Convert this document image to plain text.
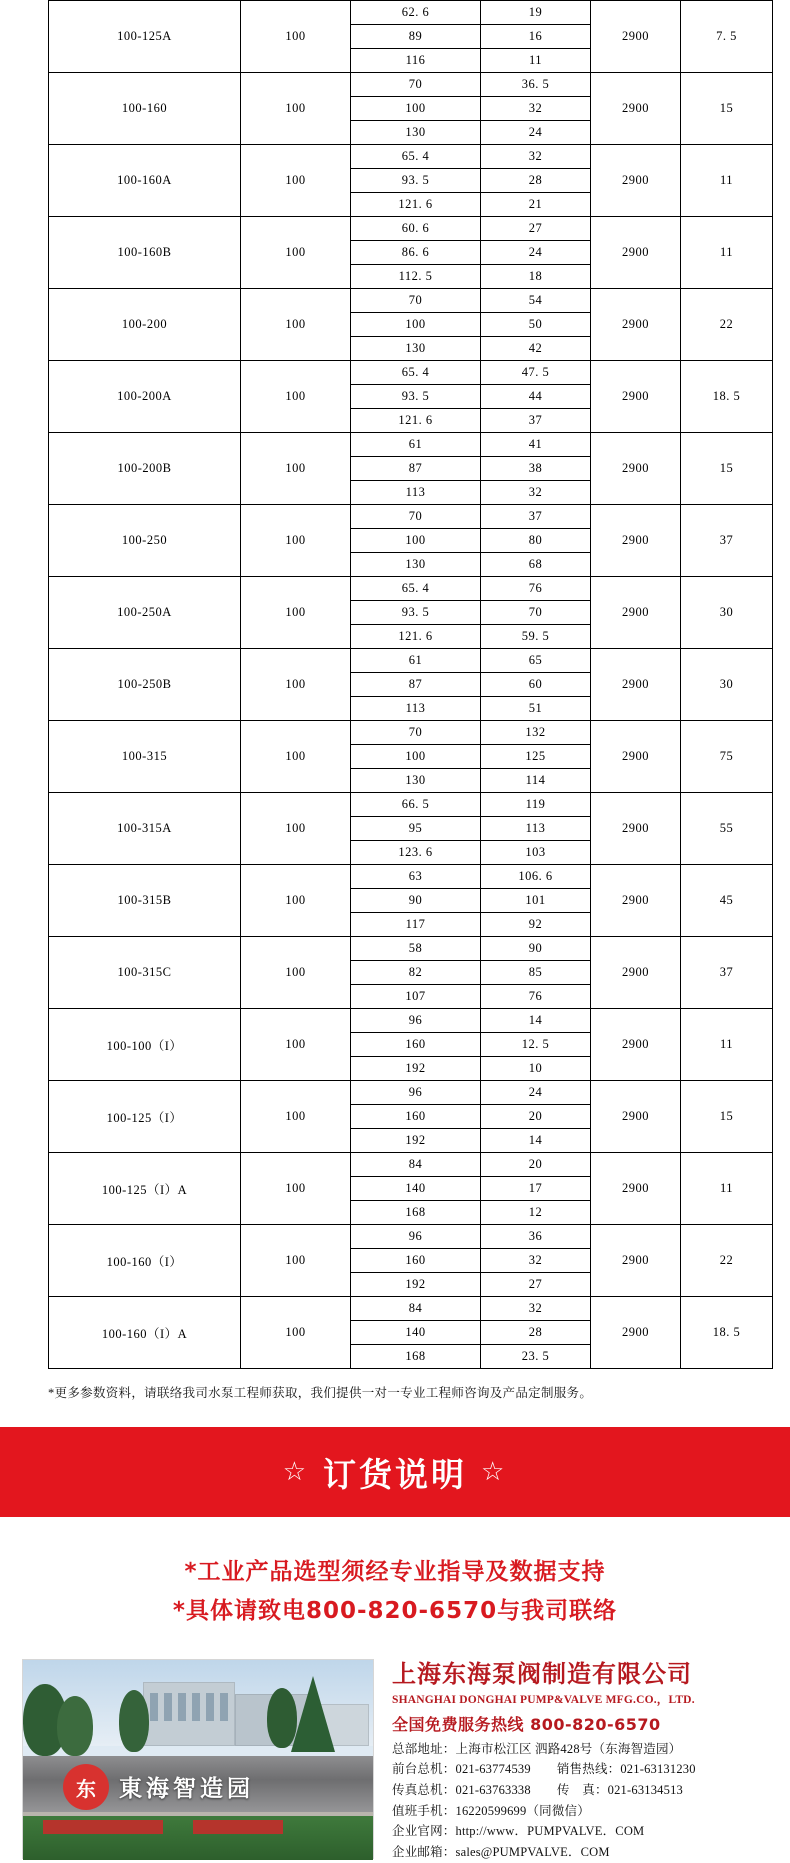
100-125A	100	62. 6	19	2900	7. 5
		89	16		
		116	11		
100-160	100	70	36. 5	2900	15
		100	32		
		130	24		
100-160A	100	65. 4	32	2900	11
		93. 5	28		
		121. 6	21		
100-160B	100	60. 6	27	2900	11
		86. 6	24		
		112. 5	18		
100-200	100	70	54	2900	22
		100	50		
		130	42		
100-200A	100	65. 4	47. 5	2900	18. 5
		93. 5	44		
		121. 6	37		
100-200B	100	61	41	2900	15
		87	38		
		113	32		
100-250	100	70	37	2900	37
		100	80		
		130	68		
100-250A	100	65. 4	76	2900	30
		93. 5	70		
		121. 6	59. 5		
100-250B	100	61	65	2900	30
		87	60		
		113	51		
100-315	100	70	132	2900	75
		100	125		
		130	114		
100-315A	100	66. 5	119	2900	55
		95	113		
		123. 6	103		
100-315B	100	63	106. 6	2900	45
		90	101		
		117	92		
100-315C	100	58	90	2900	37
		82	85		
		107	76		
100-100（I）	100	96	14	2900	11
		160	12. 5		
		192	10		
100-125（I）	100	96	24	2900	15
		160	20		
		192	14		
100-125（I）A	100	84	20	2900	11
		140	17		
		168	12		
100-160（I）	100	96	36	2900	22
		160	32		
		192	27		
100-160（I）A	100	84	32	2900	18. 5
		140	28		
		168	23. 5		
*更多参数资料，请联络我司水泵工程师获取，我们提供一对一专业工程师咨询及产品定制服务。
☆ 订货说明 ☆
*工业产品选型须经专业指导及数据支持
*具体请致电800-820-6570与我司联络
东	東海智造园
上海东海泵阀制造有限公司
SHANGHAI DONGHAI PUMP&VALVE MFG.CO.，LTD.
全国免费服务热线 800-820-6570
总部地址：上海市松江区 泗路428号（东海智造园）
前台总机：021-63774539 销售热线：021-63131230
传真总机：021-63763338 传　真：021-63134513
值班手机：16220599699（同微信）
企业官网：http://www．PUMPVALVE．COM
企业邮箱：sales@PUMPVALVE．COM
